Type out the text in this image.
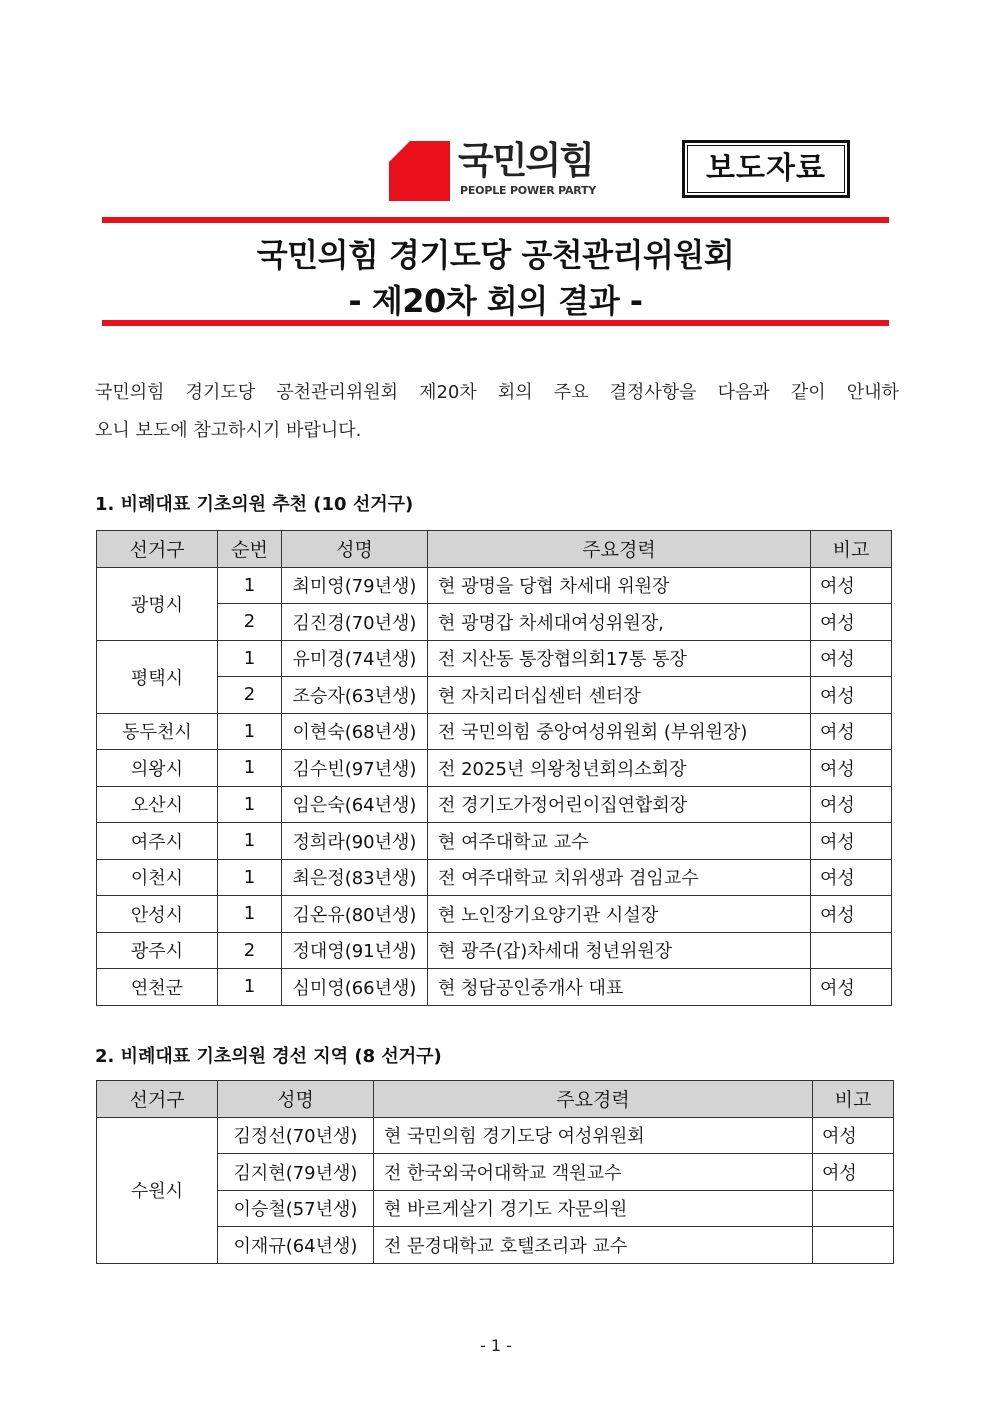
국민의힘
PEOPLE POWER PARTY
보도자료
국민의힘 경기도당 공천관리위원회
- 제20차 회의 결과 -
국민의힘 경기도당 공천관리위원회 제20차 회의 주요 결정사항을 다음과 같이 안내하
오니 보도에 참고하시기 바랍니다.
1. 비례대표 기초의원 추천 (10 선거구)
선거구	순번	성명	주요경력	비고
광명시	1	최미영(79년생)	현 광명을 당협 차세대 위원장	여성
	2	김진경(70년생)	현 광명갑 차세대여성위원장,	여성
평택시	1	유미경(74년생)	전 지산동 통장협의회17통 통장	여성
	2	조승자(63년생)	현 자치리더십센터 센터장	여성
동두천시	1	이현숙(68년생)	전 국민의힘 중앙여성위원회 (부위원장)	여성
의왕시	1	김수빈(97년생)	전 2025년 의왕청년회의소회장	여성
오산시	1	임은숙(64년생)	전 경기도가정어린이집연합회장	여성
여주시	1	정희라(90년생)	현 여주대학교 교수	여성
이천시	1	최은정(83년생)	전 여주대학교 치위생과 겸임교수	여성
안성시	1	김온유(80년생)	현 노인장기요양기관 시설장	여성
광주시	2	정대영(91년생)	현 광주(갑)차세대 청년위원장	
연천군	1	심미영(66년생)	현 청담공인중개사 대표	여성
2. 비례대표 기초의원 경선 지역 (8 선거구)
선거구	성명	주요경력	비고
수원시	김정선(70년생)	현 국민의힘 경기도당 여성위원회	여성
	김지현(79년생)	전 한국외국어대학교 객원교수	여성
	이승철(57년생)	현 바르게살기 경기도 자문의원	
	이재규(64년생)	전 문경대학교 호텔조리과 교수	
- 1 -
